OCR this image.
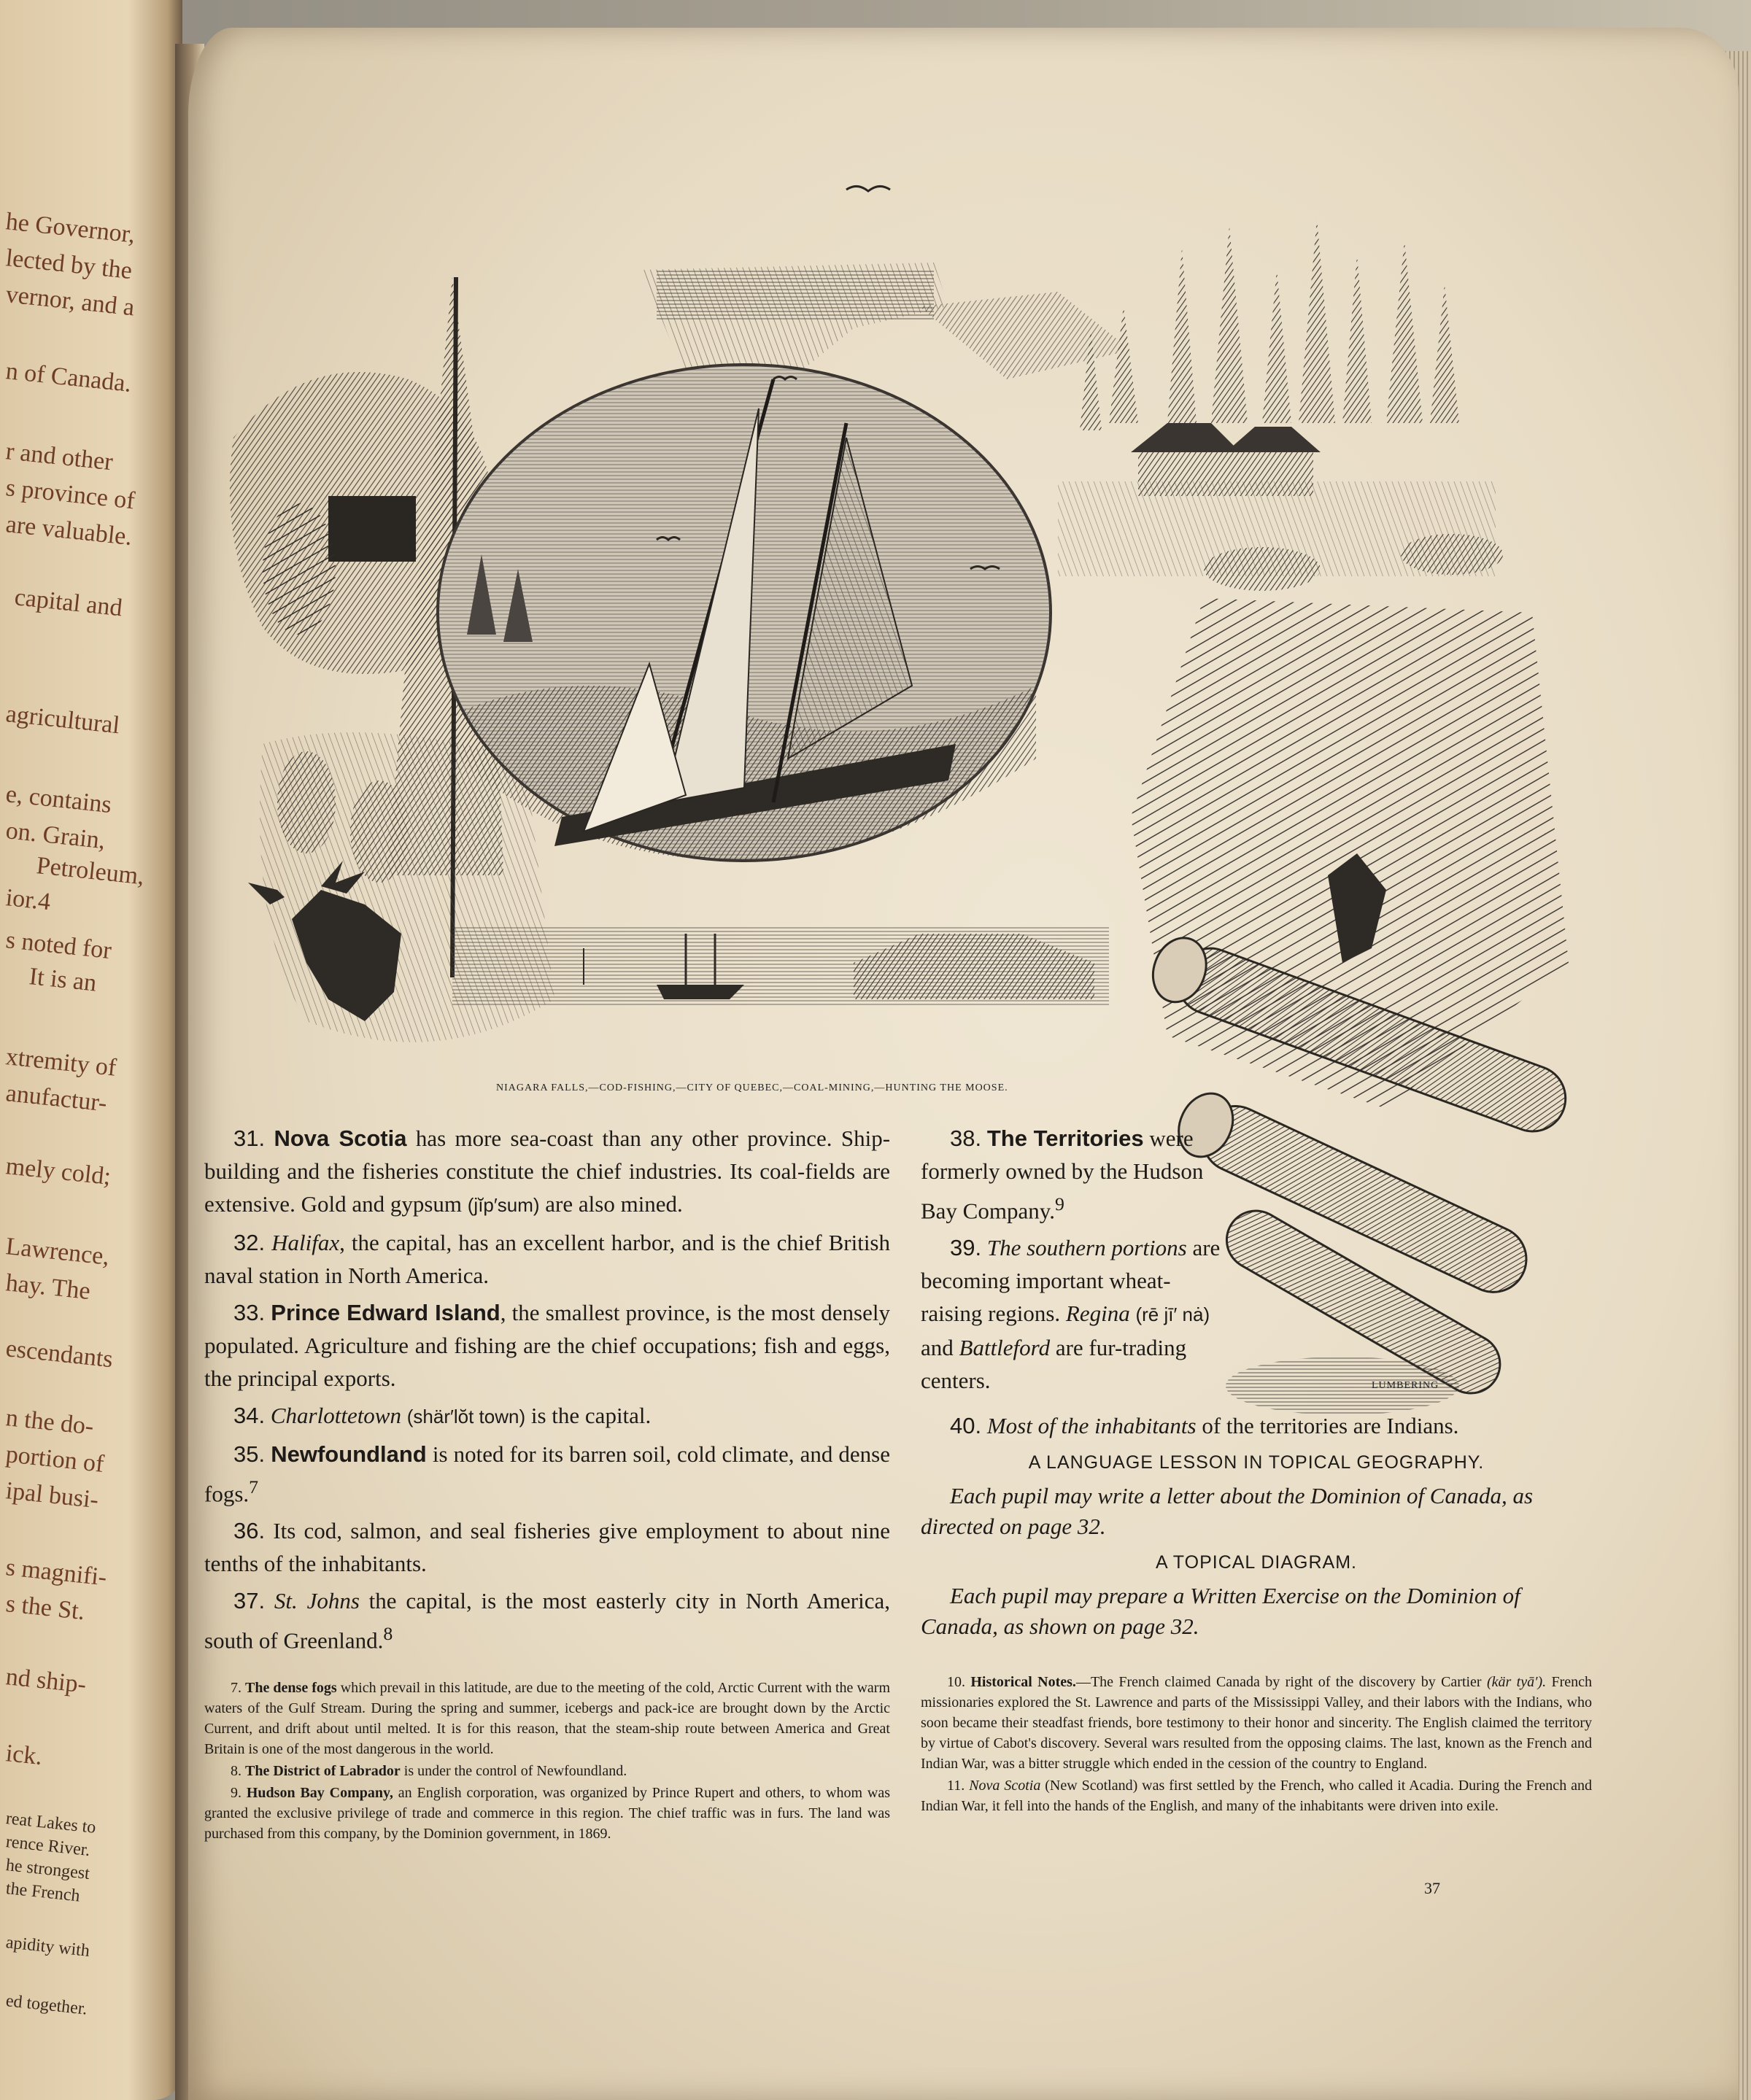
he Governor,
lected by the
vernor, and a
n of Canada.
r and other
s province of
are valuable.
capital and
agricultural
e, contains
on. Grain,
Petroleum,
ior.4
s noted for
It is an
xtremity of
anufactur-
mely cold;
Lawrence,
hay. The
escendants
n the do-
portion of
ipal busi-
s magnifi-
s the St.
nd ship-
ick.
reat Lakes to
rence River.
he strongest
the French
apidity with
ed together.
NIAGARA FALLS,—COD-FISHING,—CITY OF QUEBEC,—COAL-MINING,—HUNTING THE MOOSE.
LUMBERING

31. Nova Scotia has more sea-coast than any other province. Ship-building and the fisheries constitute the chief industries. Its coal-fields are extensive. Gold and gypsum (jĭp′sum) are also mined.

32. Halifax, the capital, has an excellent harbor, and is the chief British naval station in North America.

33. Prince Edward Island, the smallest province, is the most densely populated. Agriculture and fishing are the chief occupations; fish and eggs, the principal exports.

34. Charlottetown (shär′lŏt town) is the capital.

35. Newfoundland is noted for its barren soil, cold climate, and dense fogs.$^7$

36. Its cod, salmon, and seal fisheries give employment to about nine tenths of the inhabitants.

37. St. Johns the capital, is the most easterly city in North America, south of Greenland.$^8$

38. The Territories were formerly owned by the Hudson Bay Company.$^9$

39. The southern portions are becoming important wheat-raising regions. Regina (rē jī′ nȧ) and Battleford are fur-trading centers.

40. Most of the inhabitants of the territories are Indians.

A LANGUAGE LESSON IN TOPICAL GEOGRAPHY.
Each pupil may write a letter about the Dominion of Canada, as directed on page 32.
A TOPICAL DIAGRAM.
Each pupil may prepare a Written Exercise on the Dominion of Canada, as shown on page 32.

7. The dense fogs which prevail in this latitude, are due to the meeting of the cold, Arctic Current with the warm waters of the Gulf Stream. During the spring and summer, icebergs and pack-ice are brought down by the Arctic Current, and drift about until melted. It is for this reason, that the steam-ship route between America and Great Britain is one of the most dangerous in the world.

8. The District of Labrador is under the control of Newfoundland.

9. Hudson Bay Company, an English corporation, was organized by Prince Rupert and others, to whom was granted the exclusive privilege of trade and commerce in this region. The chief traffic was in furs. The land was purchased from this company, by the Dominion government, in 1869.

10. Historical Notes.—The French claimed Canada by right of the discovery by Cartier (kär tyā′). French missionaries explored the St. Lawrence and parts of the Mississippi Valley, and their labors with the Indians, who soon became their steadfast friends, bore testimony to their honor and sincerity. The English claimed the territory by virtue of Cabot's discovery. Several wars resulted from the opposing claims. The last, known as the French and Indian War, was a bitter struggle which ended in the cession of the country to England.

11. Nova Scotia (New Scotland) was first settled by the French, who called it Acadia. During the French and Indian War, it fell into the hands of the English, and many of the inhabitants were driven into exile.

37
